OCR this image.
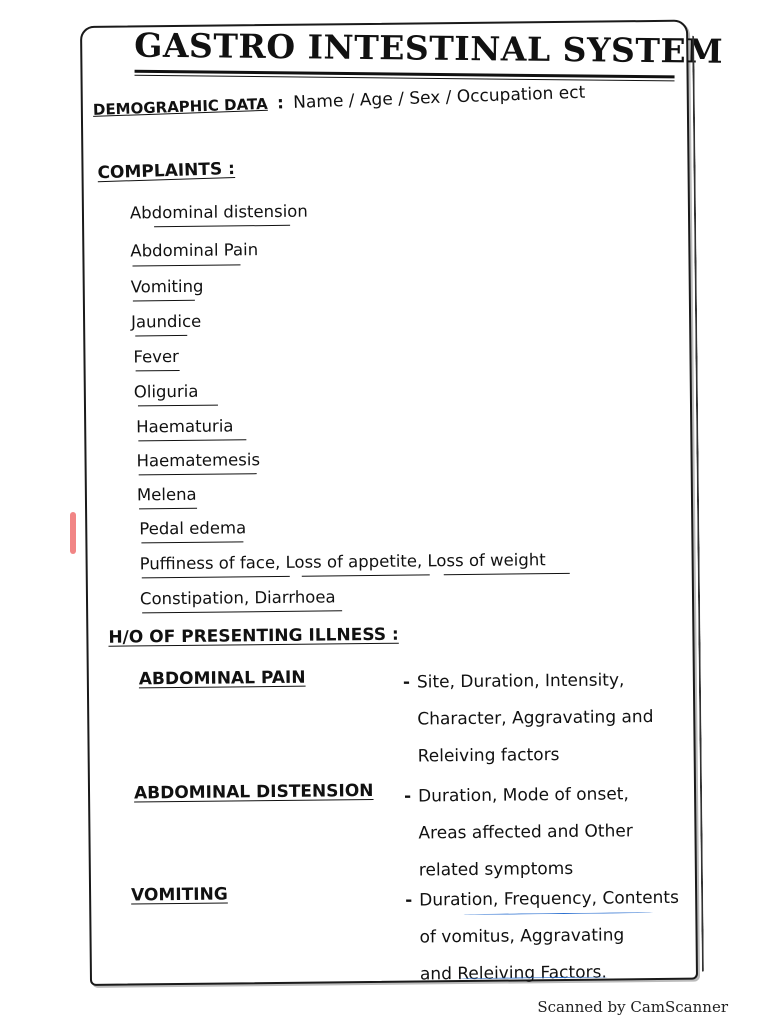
GASTRO INTESTINAL SYSTEM
DEMOGRAPHIC DATA : Name / Age / Sex / Occupation ect
COMPLAINTS :
Abdominal distension
Abdominal Pain
Vomiting
Jaundice
Fever
Oliguria
Haematuria
Haematemesis
Melena
Pedal edema
Puffiness of face, Loss of appetite, Loss of weight
Constipation, Diarrhoea
H/O OF PRESENTING ILLNESS :
ABDOMINAL PAIN	- Site, Duration, Intensity,
Character, Aggravating and
Releiving factors
ABDOMINAL DISTENSION - Duration, Mode of onset,
Areas affected and Other
related symptoms
VOMITING	- Duration, Frequency, Contents
of vomitus, Aggravating
and Releiving Factors.
Scanned by CamScanner
